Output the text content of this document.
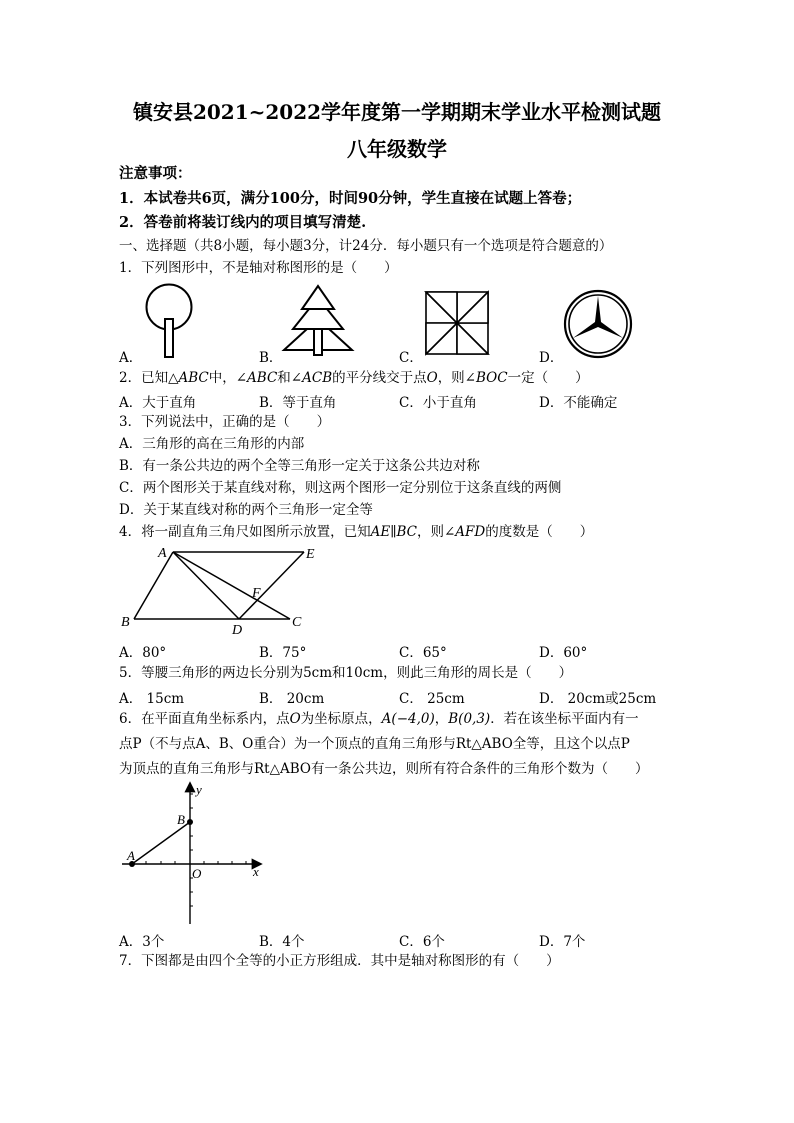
镇安县2021~2022学年度第一学期期末学业水平检测试题
八年级数学
注意事项：
1．本试卷共6页，满分100分，时间90分钟，学生直接在试题上答卷；
2．答卷前将装订线内的项目填写清楚.
一、选择题（共8小题，每小题3分，计24分．每小题只有一个选项是符合题意的）
1．下列图形中，不是轴对称图形的是（　　）
A．	B．	C．	D．
2．已知△ABC中，∠ABC和∠ACB的平分线交于点O，则∠BOC一定（　　）
A．大于直角	B．等于直角	C．小于直角	D．不能确定
3．下列说法中，正确的是（　　）
A．三角形的高在三角形的内部
B．有一条公共边的两个全等三角形一定关于这条公共边对称
C．两个图形关于某直线对称，则这两个图形一定分别位于这条直线的两侧
D．关于某直线对称的两个三角形一定全等
4．将一副直角三角尺如图所示放置，已知AE∥BC，则∠AFD的度数是（　　）
A	E
F
B
D
C
A．80°	B．75°	C．65°	D．60°
5．等腰三角形的两边长分别为5cm和10cm，则此三角形的周长是（　　）
A． 15cm	B． 20cm	C． 25cm	D． 20cm或25cm
6．在平面直角坐标系内，点O为坐标原点，A(−4,0)，B(0,3)．若在该坐标平面内有一
点P（不与点A、B、O重合）为一个顶点的直角三角形与Rt△ABO全等，且这个以点P
为顶点的直角三角形与Rt△ABO有一条公共边，则所有符合条件的三角形个数为（　　）
y
x
O
A
B
A．3个	B．4个	C．6个	D．7个
7．下图都是由四个全等的小正方形组成．其中是轴对称图形的有（　　）
